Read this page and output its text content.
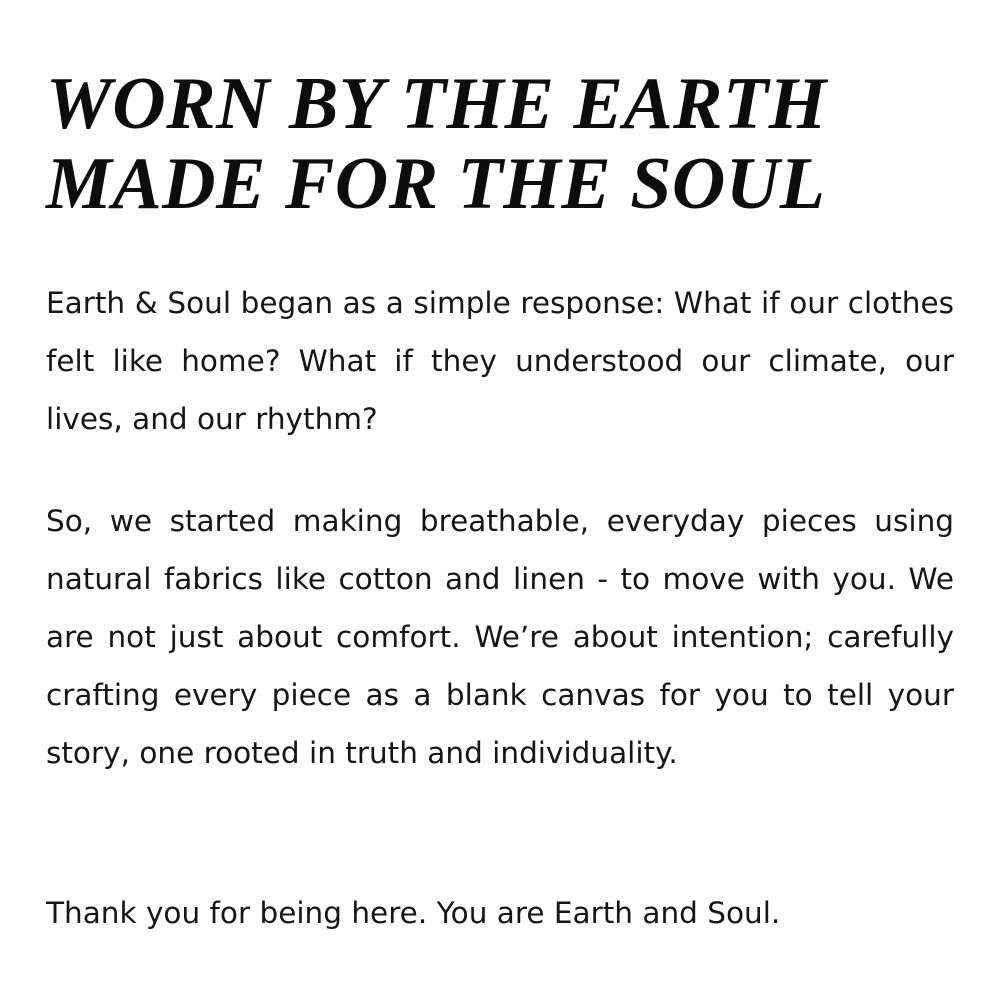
WORN BY THE EARTH
MADE FOR THE SOUL

Earth & Soul began as a simple response: What if our clothes felt like home? What if they understood our climate, our lives, and our rhythm?

So, we started making breathable, everyday pieces using natural fabrics like cotton and linen - to move with you. We are not just about comfort. We’re about intention; carefully crafting every piece as a blank canvas for you to tell your story, one rooted in truth and individuality.

Thank you for being here. You are Earth and Soul.
